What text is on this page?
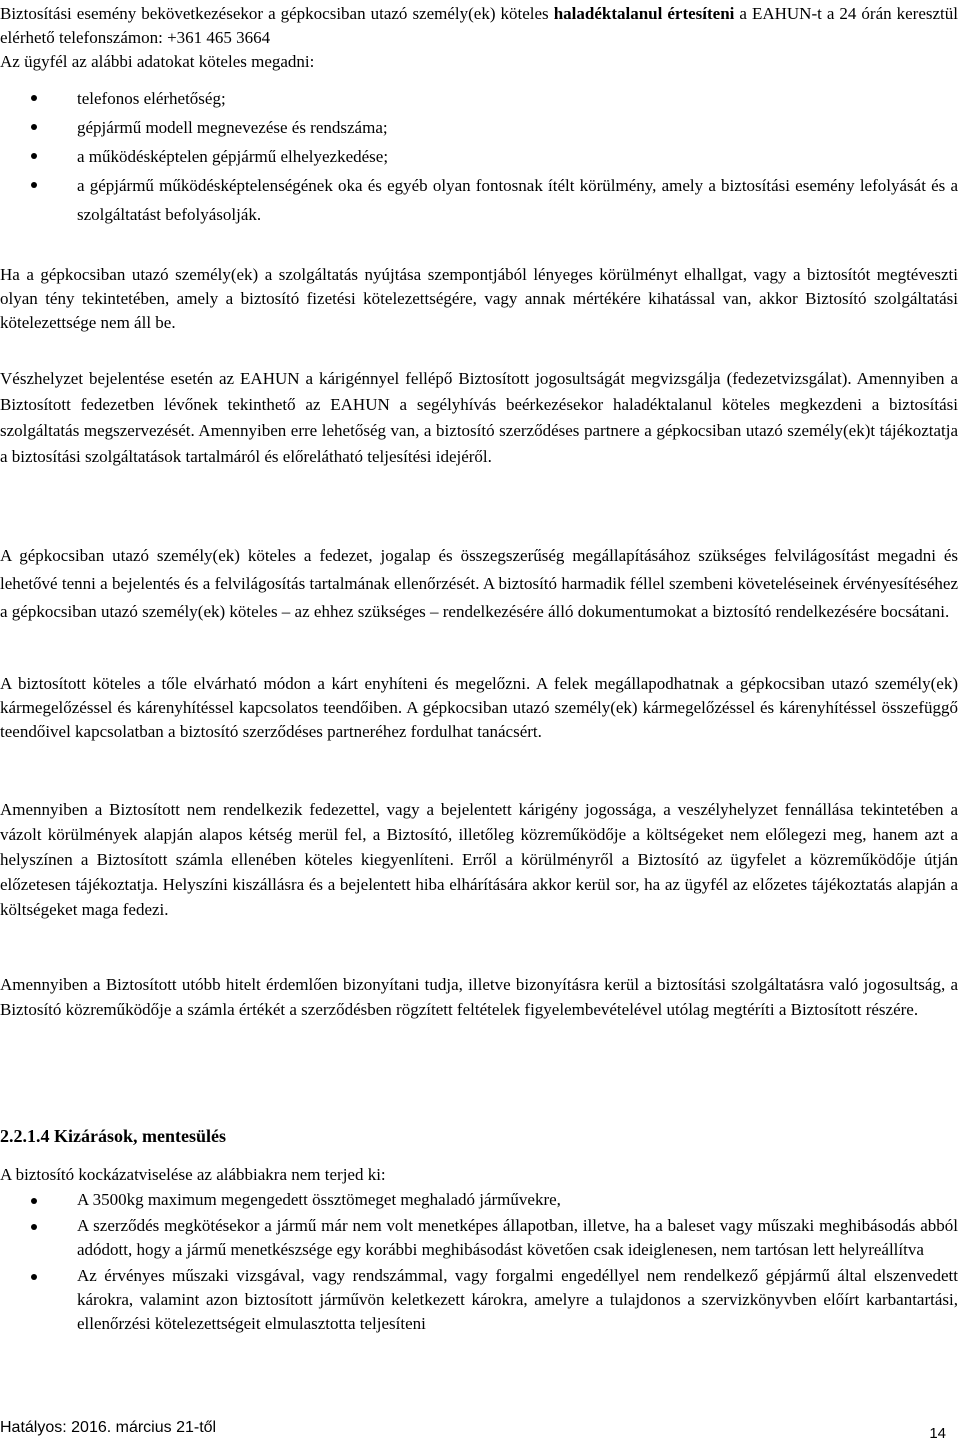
Biztosítási esemény bekövetkezésekor a gépkocsiban utazó személy(ek) köteles haladéktalanul értesíteni a EAHUN-t a 24 órán keresztül elérhető telefonszámon: +361 465 3664
Az ügyfél az alábbi adatokat köteles megadni:
telefonos elérhetőség;
gépjármű modell megnevezése és rendszáma;
a működésképtelen gépjármű elhelyezkedése;
a gépjármű működésképtelenségének oka és egyéb olyan fontosnak ítélt körülmény, amely a biztosítási esemény lefolyását és a szolgáltatást befolyásolják.

Ha a gépkocsiban utazó személy(ek) a szolgáltatás nyújtása szempontjából lényeges körülményt elhallgat, vagy a biztosítót megtéveszti olyan tény tekintetében, amely a biztosító fizetési kötelezettségére, vagy annak mértékére kihatással van, akkor Biztosító szolgáltatási kötelezettsége nem áll be.

Vészhelyzet bejelentése esetén az EAHUN a kárigénnyel fellépő Biztosított jogosultságát megvizsgálja (fedezetvizsgálat). Amennyiben a Biztosított fedezetben lévőnek tekinthető az EAHUN a segélyhívás beérkezésekor haladéktalanul köteles megkezdeni a biztosítási szolgáltatás megszervezését. Amennyiben erre lehetőség van, a biztosító szerződéses partnere a gépkocsiban utazó személy(ek)t tájékoztatja a biztosítási szolgáltatások tartalmáról és előrelátható teljesítési idejéről.

A gépkocsiban utazó személy(ek) köteles a fedezet, jogalap és összegszerűség megállapításához szükséges felvilágosítást megadni és lehetővé tenni a bejelentés és a felvilágosítás tartalmának ellenőrzését. A biztosító harmadik féllel szembeni követeléseinek érvényesítéséhez a gépkocsiban utazó személy(ek) köteles – az ehhez szükséges – rendelkezésére álló dokumentumokat a biztosító rendelkezésére bocsátani.

A biztosított köteles a tőle elvárható módon a kárt enyhíteni és megelőzni. A felek megállapodhatnak a gépkocsiban utazó személy(ek) kármegelőzéssel és kárenyhítéssel kapcsolatos teendőiben. A gépkocsiban utazó személy(ek) kármegelőzéssel és kárenyhítéssel összefüggő teendőivel kapcsolatban a biztosító szerződéses partneréhez fordulhat tanácsért.

Amennyiben a Biztosított nem rendelkezik fedezettel, vagy a bejelentett kárigény jogossága, a veszélyhelyzet fennállása tekintetében a vázolt körülmények alapján alapos kétség merül fel, a Biztosító, illetőleg közreműködője a költségeket nem előlegezi meg, hanem azt a helyszínen a Biztosított számla ellenében köteles kiegyenlíteni. Erről a körülményről a Biztosító az ügyfelet a közreműködője útján előzetesen tájékoztatja. Helyszíni kiszállásra és a bejelentett hiba elhárítására akkor kerül sor, ha az ügyfél az előzetes tájékoztatás alapján a költségeket maga fedezi.

Amennyiben a Biztosított utóbb hitelt érdemlően bizonyítani tudja, illetve bizonyításra kerül a biztosítási szolgáltatásra való jogosultság, a Biztosító közreműködője a számla értékét a szerződésben rögzített feltételek figyelembevételével utólag megtéríti a Biztosított részére.

2.2.1.4 Kizárások, mentesülés

A biztosító kockázatviselése az alábbiakra nem terjed ki:

A 3500kg maximum megengedett össztömeget meghaladó járművekre,
A szerződés megkötésekor a jármű már nem volt menetképes állapotban, illetve, ha a baleset vagy műszaki meghibásodás abból adódott, hogy a jármű menetkészsége egy korábbi meghibásodást követően csak ideiglenesen, nem tartósan lett helyreállítva
Az érvényes műszaki vizsgával, vagy rendszámmal, vagy forgalmi engedéllyel nem rendelkező gépjármű által elszenvedett károkra, valamint azon biztosított járművön keletkezett károkra, amelyre a tulajdonos a szervizkönyvben előírt karbantartási, ellenőrzési kötelezettségeit elmulasztotta teljesíteni
Hatályos: 2016. március 21-től	14
